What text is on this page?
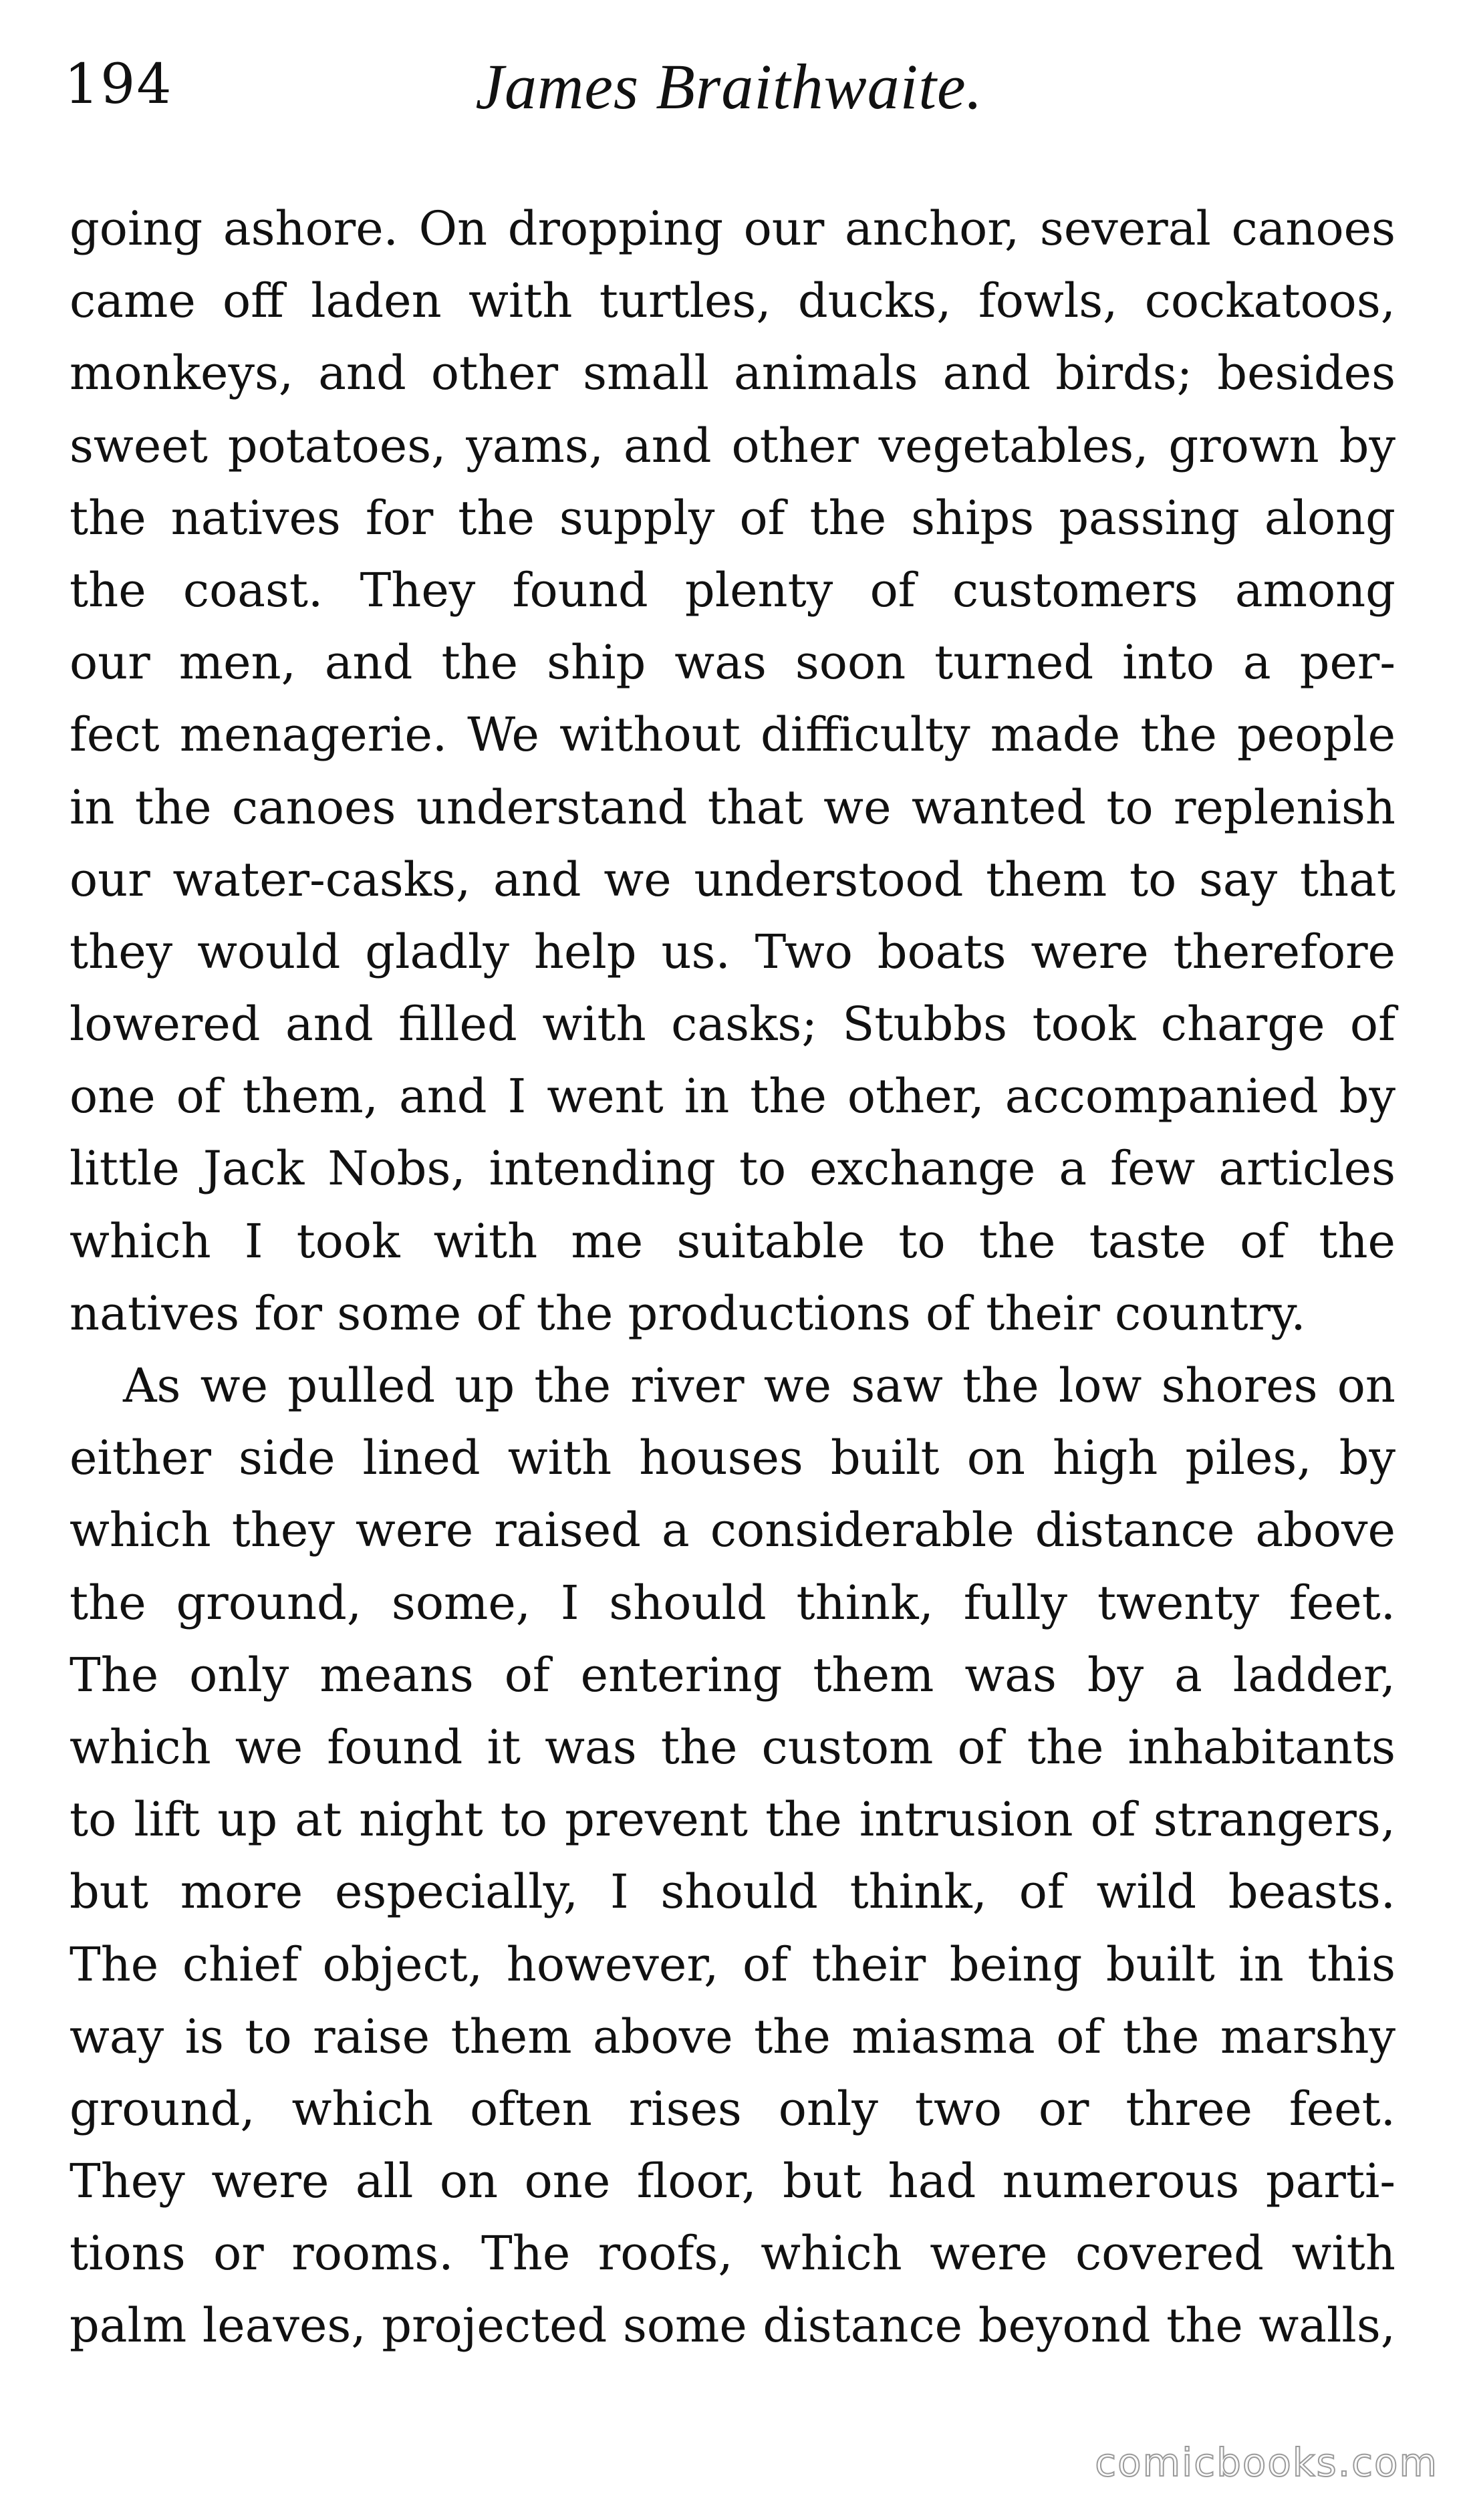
194	James Braithwaite.
going ashore. On dropping our anchor, several canoes
came off laden with turtles, ducks, fowls, cockatoos,
monkeys, and other small animals and birds; besides
sweet potatoes, yams, and other vegetables, grown by
the natives for the supply of the ships passing along
the coast. They found plenty of customers among
our men, and the ship was soon turned into a per-
fect menagerie. We without difficulty made the people
in the canoes understand that we wanted to replenish
our water-casks, and we understood them to say that
they would gladly help us. Two boats were therefore
lowered and filled with casks; Stubbs took charge of
one of them, and I went in the other, accompanied by
little Jack Nobs, intending to exchange a few articles
which I took with me suitable to the taste of the
natives for some of the productions of their country.
As we pulled up the river we saw the low shores on
either side lined with houses built on high piles, by
which they were raised a considerable distance above
the ground, some, I should think, fully twenty feet.
The only means of entering them was by a ladder,
which we found it was the custom of the inhabitants
to lift up at night to prevent the intrusion of strangers,
but more especially, I should think, of wild beasts.
The chief object, however, of their being built in this
way is to raise them above the miasma of the marshy
ground, which often rises only two or three feet.
They were all on one floor, but had numerous parti-
tions or rooms. The roofs, which were covered with
palm leaves, projected some distance beyond the walls,
comicbooks.com
